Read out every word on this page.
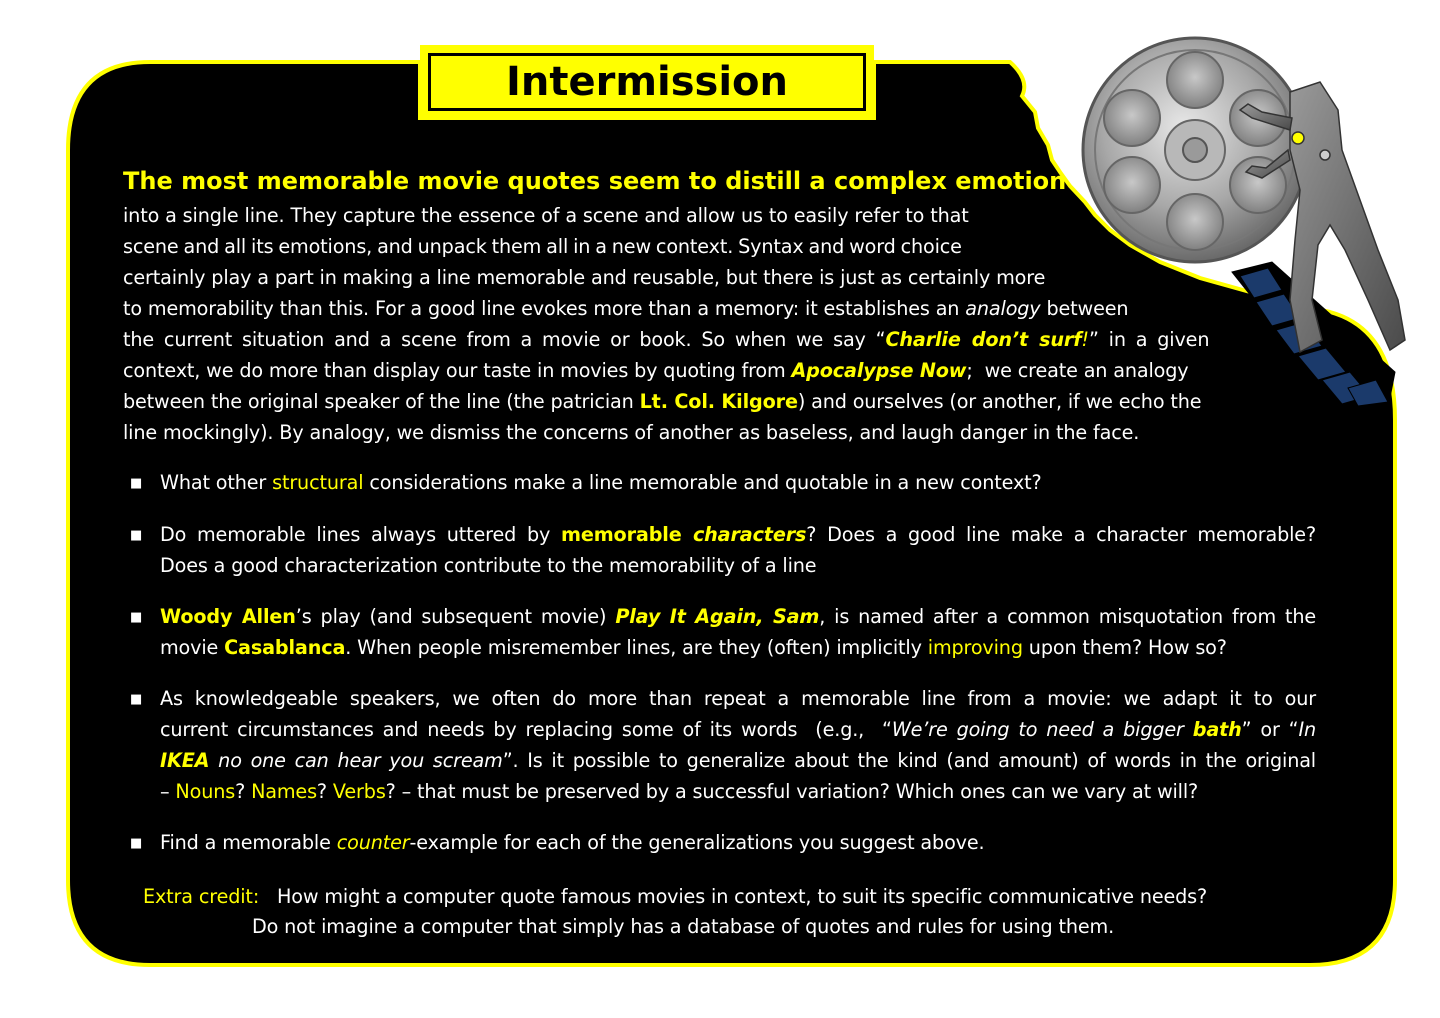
Intermission
The most memorable movie quotes seem to distill a complex emotion
into a single line. They capture the essence of a scene and allow us to easily refer to that
scene and all its emotions, and unpack them all in a new context. Syntax and word choice
certainly play a part in making a line memorable and reusable, but there is just as certainly more
to memorability than this. For a good line evokes more than a memory: it establishes an analogy between
the  current  situation  and  a  scene  from  a  movie  or  book.  So  when  we  say  “Charlie  don’t  surf!”  in  a  given
context, we do more than display our taste in movies by quoting from Apocalypse Now;  we create an analogy
between the original speaker of the line (the patrician Lt. Col. Kilgore) and ourselves (or another, if we echo the
line mockingly). By analogy, we dismiss the concerns of another as baseless, and laugh danger in the face.
■ What other structural considerations make a line memorable and quotable in a new context?
■ Do memorable lines always uttered by memorable characters? Does a good line make a character memorable?
Does a good characterization contribute to the memorability of a line
■ Woody Allen’s play (and subsequent movie) Play It Again, Sam, is named after a common misquotation from the
movie Casablanca. When people misremember lines, are they (often) implicitly improving upon them? How so?
■ As knowledgeable speakers, we often do more than repeat a memorable line from a movie: we adapt it to our
current circumstances and needs by replacing some of its words  (e.g.,  “We’re going to need a bigger bath” or “In
IKEA no one can hear you scream”. Is it possible to generalize about the kind (and amount) of words in the original
– Nouns? Names? Verbs? – that must be preserved by a successful variation? Which ones can we vary at will?
■ Find a memorable counter-example for each of the generalizations you suggest above.
Extra credit: How might a computer quote famous movies in context, to suit its specific communicative needs?
Do not imagine a computer that simply has a database of quotes and rules for using them.
